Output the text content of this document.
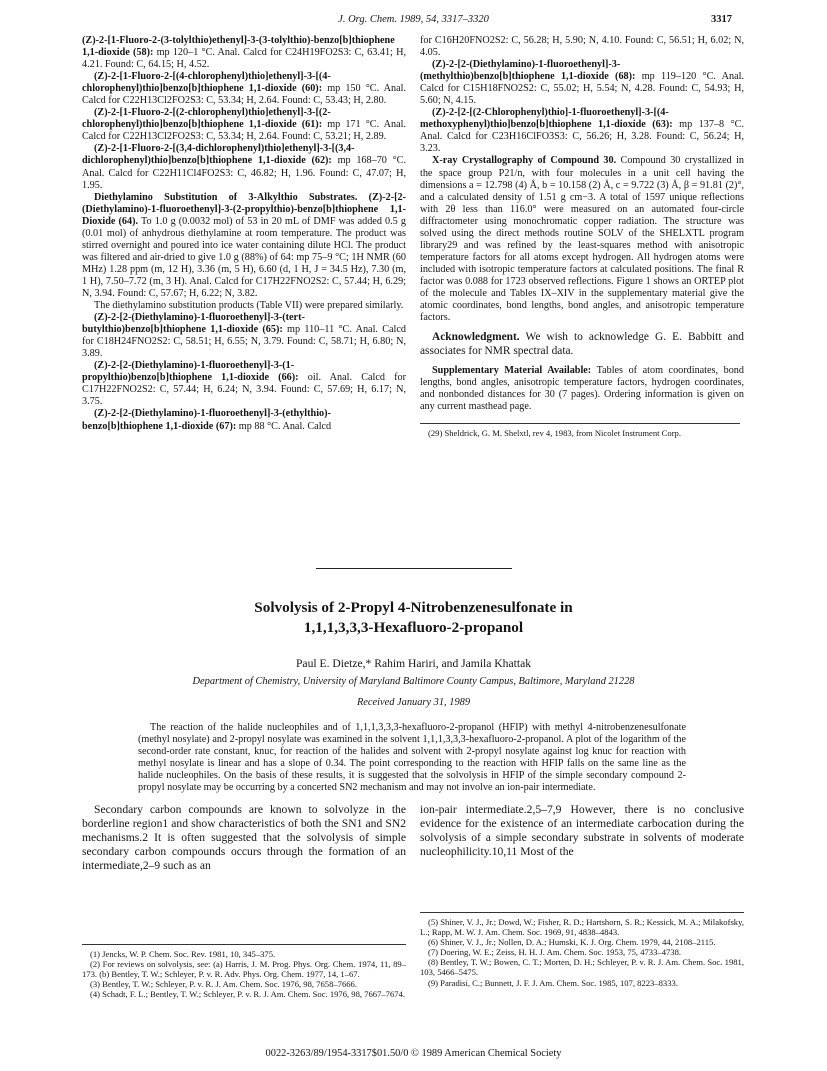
J. Org. Chem. 1989, 54, 3317–3320	3317

(Z)-2-[1-Fluoro-2-(3-tolylthio)ethenyl]-3-(3-tolylthio)-benzo[b]thiophene 1,1-dioxide (58): mp 120–1 °C. Anal. Calcd for C24H19FO2S3: C, 63.41; H, 4.21. Found: C, 64.15; H, 4.52.

(Z)-2-[1-Fluoro-2-[(4-chlorophenyl)thio]ethenyl]-3-[(4-chlorophenyl)thio]benzo[b]thiophene 1,1-dioxide (60): mp 150 °C. Anal. Calcd for C22H13Cl2FO2S3: C, 53.34; H, 2.64. Found: C, 53.43; H, 2.80.

(Z)-2-[1-Fluoro-2-[(2-chlorophenyl)thio]ethenyl]-3-[(2-chlorophenyl)thio]benzo[b]thiophene 1,1-dioxide (61): mp 171 °C. Anal. Calcd for C22H13Cl2FO2S3: C, 53.34; H, 2.64. Found: C, 53.21; H, 2.89.

(Z)-2-[1-Fluoro-2-[(3,4-dichlorophenyl)thio]ethenyl]-3-[(3,4-dichlorophenyl)thio]benzo[b]thiophene 1,1-dioxide (62): mp 168–70 °C. Anal. Calcd for C22H11Cl4FO2S3: C, 46.82; H, 1.96. Found: C, 47.07; H, 1.95.

Diethylamino Substitution of 3-Alkylthio Substrates. (Z)-2-[2-(Diethylamino)-1-fluoroethenyl]-3-(2-propylthio)-benzo[b]thiophene 1,1-Dioxide (64). To 1.0 g (0.0032 mol) of 53 in 20 mL of DMF was added 0.5 g (0.01 mol) of anhydrous diethylamine at room temperature. The product was stirred overnight and poured into ice water containing dilute HCl. The product was filtered and air-dried to give 1.0 g (88%) of 64: mp 75–9 °C; 1H NMR (60 MHz) 1.28 ppm (m, 12 H), 3.36 (m, 5 H), 6.60 (d, 1 H, J = 34.5 Hz), 7.30 (m, 1 H), 7.50–7.72 (m, 3 H). Anal. Calcd for C17H22FNO2S2: C, 57.44; H, 6.29; N, 3.94. Found: C, 57.67; H, 6.22; N, 3.82.

The diethylamino substitution products (Table VII) were prepared similarly.

(Z)-2-[2-(Diethylamino)-1-fluoroethenyl]-3-(tert-butylthio)benzo[b]thiophene 1,1-dioxide (65): mp 110–11 °C. Anal. Calcd for C18H24FNO2S2: C, 58.51; H, 6.55; N, 3.79. Found: C, 58.71; H, 6.80; N, 3.89.

(Z)-2-[2-(Diethylamino)-1-fluoroethenyl]-3-(1-propylthio)benzo[b]thiophene 1,1-dioxide (66): oil. Anal. Calcd for C17H22FNO2S2: C, 57.44; H, 6.24; N, 3.94. Found: C, 57.69; H, 6.17; N, 3.75.

(Z)-2-[2-(Diethylamino)-1-fluoroethenyl]-3-(ethylthio)-benzo[b]thiophene 1,1-dioxide (67): mp 88 °C. Anal. Calcd

for C16H20FNO2S2: C, 56.28; H, 5.90; N, 4.10. Found: C, 56.51; H, 6.02; N, 4.05.

(Z)-2-[2-(Diethylamino)-1-fluoroethenyl]-3-(methylthio)benzo[b]thiophene 1,1-dioxide (68): mp 119–120 °C. Anal. Calcd for C15H18FNO2S2: C, 55.02; H, 5.54; N, 4.28. Found: C, 54.93; H, 5.60; N, 4.15.

(Z)-2-[2-[(2-Chlorophenyl)thio]-1-fluoroethenyl]-3-[(4-methoxyphenyl)thio]benzo[b]thiophene 1,1-dioxide (63): mp 137–8 °C. Anal. Calcd for C23H16ClFO3S3: C, 56.26; H, 3.28. Found: C, 56.24; H, 3.23.

X-ray Crystallography of Compound 30. Compound 30 crystallized in the space group P21/n, with four molecules in a unit cell having the dimensions a = 12.798 (4) Å, b = 10.158 (2) Å, c = 9.722 (3) Å, β = 91.81 (2)°, and a calculated density of 1.51 g cm−3. A total of 1597 unique reflections with 2θ less than 116.0° were measured on an automated four-circle diffractometer using monochromatic copper radiation. The structure was solved using the direct methods routine SOLV of the SHELXTL program library29 and was refined by the least-squares method with anisotropic temperature factors for all atoms except hydrogen. All hydrogen atoms were included with isotropic temperature factors at calculated positions. The final R factor was 0.088 for 1723 observed reflections. Figure 1 shows an ORTEP plot of the molecule and Tables IX–XIV in the supplementary material give the atomic coordinates, bond lengths, bond angles, and anisotropic temperature factors.

Acknowledgment. We wish to acknowledge G. E. Babbitt and associates for NMR spectral data.

Supplementary Material Available: Tables of atom coordinates, bond lengths, bond angles, anisotropic temperature factors, hydrogen coordinates, and nonbonded distances for 30 (7 pages). Ordering information is given on any current masthead page.

(29) Sheldrick, G. M. Shelxtl, rev 4, 1983, from Nicolet Instrument Corp.

Solvolysis of 2-Propyl 4-Nitrobenzenesulfonate in
1,1,1,3,3,3-Hexafluoro-2-propanol
Paul E. Dietze,* Rahim Hariri, and Jamila Khattak
Department of Chemistry, University of Maryland Baltimore County Campus, Baltimore, Maryland 21228
Received January 31, 1989
The reaction of the halide nucleophiles and of 1,1,1,3,3,3-hexafluoro-2-propanol (HFIP) with methyl 4-nitrobenzenesulfonate (methyl nosylate) and 2-propyl nosylate was examined in the solvent 1,1,1,3,3,3-hexafluoro-2-propanol. A plot of the logarithm of the second-order rate constant, knuc, for reaction of the halides and solvent with 2-propyl nosylate against log knuc for reaction with methyl nosylate is linear and has a slope of 0.34. The point corresponding to the reaction with HFIP falls on the same line as the halide nucleophiles. On the basis of these results, it is suggested that the solvolysis in HFIP of the simple secondary compound 2-propyl nosylate may be occurring by a concerted SN2 mechanism and may not involve an ion-pair intermediate.

Secondary carbon compounds are known to solvolyze in the borderline region1 and show characteristics of both the SN1 and SN2 mechanisms.2 It is often suggested that the solvolysis of simple secondary carbon compounds occurs through the formation of an intermediate,2–9 such as an

ion-pair intermediate.2,5–7,9 However, there is no conclusive evidence for the existence of an intermediate carbocation during the solvolysis of a simple secondary substrate in solvents of moderate nucleophilicity.10,11 Most of the

(1) Jencks, W. P. Chem. Soc. Rev. 1981, 10, 345–375.

(2) For reviews on solvolysis, see: (a) Harris, J. M. Prog. Phys. Org. Chem. 1974, 11, 89–173. (b) Bentley, T. W.; Schleyer, P. v. R. Adv. Phys. Org. Chem. 1977, 14, 1–67.

(3) Bentley, T. W.; Schleyer, P. v. R. J. Am. Chem. Soc. 1976, 98, 7658–7666.

(4) Schadt, F. L.; Bentley, T. W.; Schleyer, P. v. R. J. Am. Chem. Soc. 1976, 98, 7667–7674.

(5) Shiner, V. J., Jr.; Dowd, W.; Fisher, R. D.; Hartshorn, S. R.; Kessick, M. A.; Milakofsky, L.; Rapp, M. W. J. Am. Chem. Soc. 1969, 91, 4838–4843.

(6) Shiner, V. J., Jr.; Nollen, D. A.; Humski, K. J. Org. Chem. 1979, 44, 2108–2115.

(7) Doering, W. E.; Zeiss, H. H. J. Am. Chem. Soc. 1953, 75, 4733–4738.

(8) Bentley, T. W.; Bowen, C. T.; Morten, D. H.; Schleyer, P. v. R. J. Am. Chem. Soc. 1981, 103, 5466–5475.

(9) Paradisi, C.; Bunnett, J. F. J. Am. Chem. Soc. 1985, 107, 8223–8333.

0022-3263/89/1954-3317$01.50/0 © 1989 American Chemical Society
